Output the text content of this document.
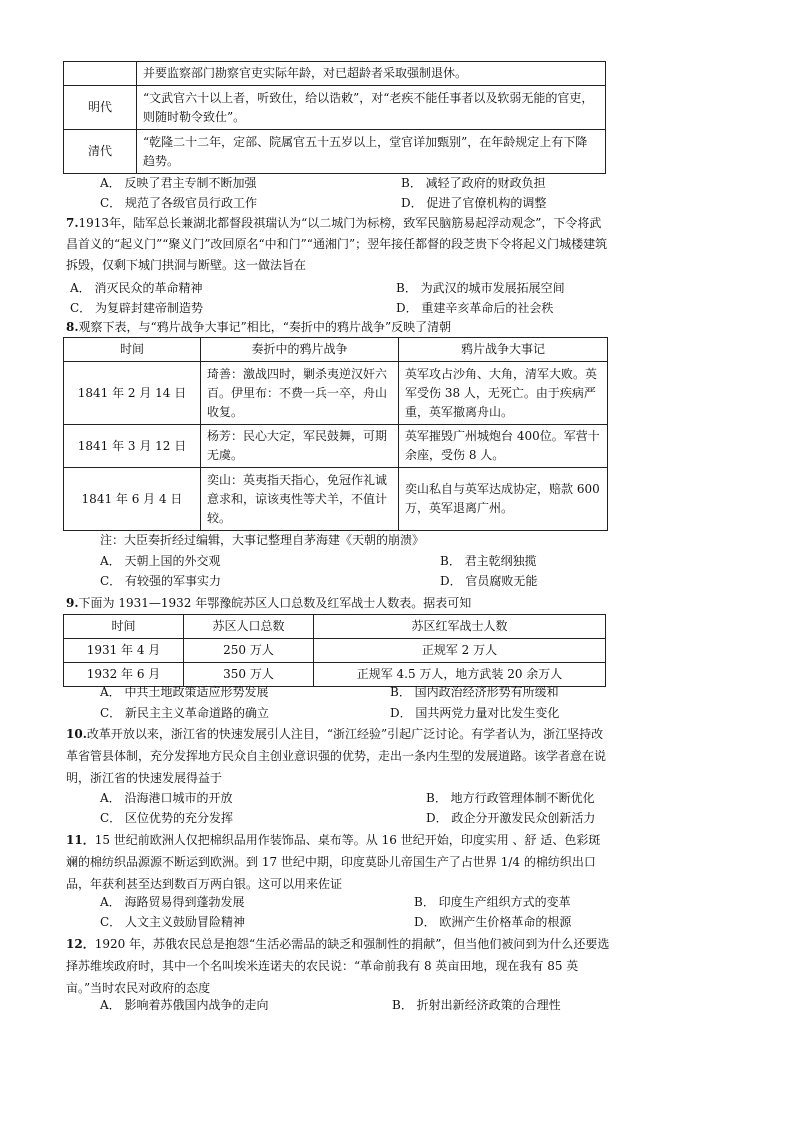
	并要监察部门勘察官吏实际年龄，对已超龄者采取强制退休。
明代	“文武官六十以上者，听致仕，给以诰敕”，对“老疾不能任事者以及软弱无能的官吏，则随时勒令致仕”。
清代	“乾隆二十二年，定部、院属官五十五岁以上，堂官详加甄别”，在年龄规定上有下降趋势。
A． 反映了君主专制不断加强	B． 减轻了政府的财政负担
C． 规范了各级官员行政工作	D． 促进了官僚机构的调整
7.1913年，陆军总长兼湖北都督段祺瑞认为“以二城门为标榜，致军民脑筋易起浮动观念”，下令将武昌首义的“起义门”“聚义门”改回原名“中和门”“通湘门”；翌年接任都督的段芝贵下令将起义门城楼建筑拆毁，仅剩下城门拱洞与断壁。这一做法旨在
A． 消灭民众的革命精神	B． 为武汉的城市发展拓展空间
C． 为复辟封建帝制造势	D． 重建辛亥革命后的社会秩
8.观察下表，与“鸦片战争大事记”相比，“奏折中的鸦片战争”反映了清朝
时间	奏折中的鸦片战争	鸦片战争大事记
1841 年 2 月 14 日	琦善：激战四时，剿杀夷逆汉奸六百。伊里布：不费一兵一卒，舟山收复。	英军攻占沙角、大角，清军大败。英军受伤 38 人，无死亡。由于疾病严重，英军撤离舟山。
1841 年 3 月 12 日	杨芳：民心大定，军民鼓舞，可期无虞。	英军摧毁广州城炮台 400位。军营十余座，受伤 8 人。
1841 年 6 月 4 日	奕山：英夷指天指心，免冠作礼诚意求和，谅该夷性等犬羊，不值计较。	奕山私自与英军达成协定，赔款 600万，英军退离广州。
注：大臣奏折经过编辑，大事记整理自茅海建《天朝的崩溃》
A． 天朝上国的外交观	B． 君主乾纲独揽
C． 有较强的军事实力	D． 官员腐败无能
9.下面为 1931—1932 年鄂豫皖苏区人口总数及红军战士人数表。据表可知
时间	苏区人口总数	苏区红军战士人数
1931 年 4 月	250 万人	正规军 2 万人
1932 年 6 月	350 万人	正规军 4.5 万人，地方武装 20 余万人
A． 中共土地政策适应形势发展	B． 国内政治经济形势有所缓和
C． 新民主主义革命道路的确立	D． 国共两党力量对比发生变化
10.改革开放以来，浙江省的快速发展引人注目，“浙江经验”引起广泛讨论。有学者认为，浙江坚持改革省管县体制，充分发挥地方民众自主创业意识强的优势，走出一条内生型的发展道路。该学者意在说明，浙江省的快速发展得益于
A． 沿海港口城市的开放	B． 地方行政管理体制不断优化
C． 区位优势的充分发挥	D． 政企分开激发民众创新活力
11．15 世纪前欧洲人仅把棉织品用作装饰品、桌布等。从 16 世纪开始，印度实用 、舒 适、色彩斑斓的棉纺织品源源不断运到欧洲。到 17 世纪中期，印度莫卧儿帝国生产了占世界 1/4 的棉纺织出口品，年获利甚至达到数百万两白银。这可以用来佐证
A． 海路贸易得到蓬勃发展	B． 印度生产组织方式的变革
C． 人文主义鼓励冒险精神	D． 欧洲产生价格革命的根源
12．1920 年，苏俄农民总是抱怨“生活必需品的缺乏和强制性的捐献”，但当他们被问到为什么还要选择苏维埃政府时，其中一个名叫埃米连诺夫的农民说：“革命前我有 8 英亩田地，现在我有 85 英亩。”当时农民对政府的态度
A． 影响着苏俄国内战争的走向	B． 折射出新经济政策的合理性
